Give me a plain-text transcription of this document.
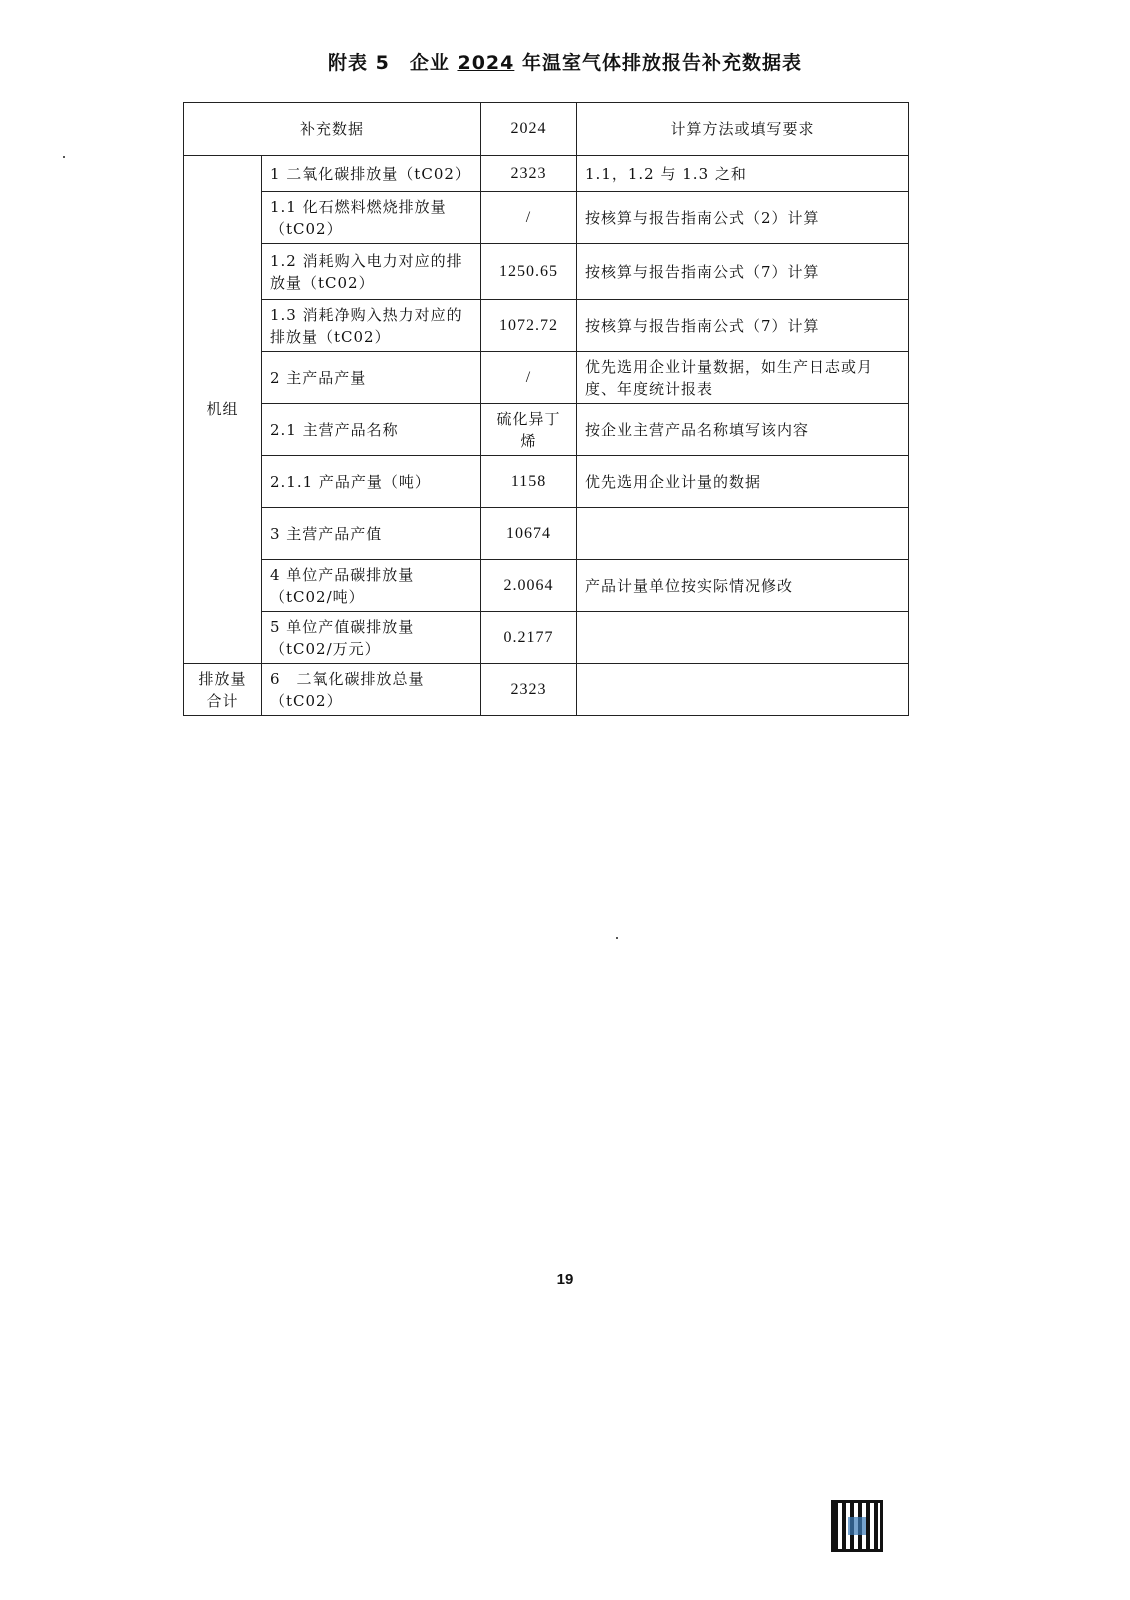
附表 5　企业 2024 年温室气体排放报告补充数据表
补充数据		2024	计算方法或填写要求
机组	1 二氧化碳排放量（tC02）	2323	1.1，1.2 与 1.3 之和
	1.1 化石燃料燃烧排放量（tC02）	/	按核算与报告指南公式（2）计算
	1.2 消耗购入电力对应的排放量（tC02）	1250.65	按核算与报告指南公式（7）计算
	1.3 消耗净购入热力对应的排放量（tC02）	1072.72	按核算与报告指南公式（7）计算
	2 主产品产量	/	优先选用企业计量数据，如生产日志或月度、年度统计报表
	2.1 主营产品名称	硫化异丁烯	按企业主营产品名称填写该内容
	2.1.1 产品产量（吨）	1158	优先选用企业计量的数据
	3 主营产品产值	10674	
	4 单位产品碳排放量（tC02/吨）	2.0064	产品计量单位按实际情况修改
	5 单位产值碳排放量（tC02/万元）	0.2177	
排放量合计	6　二氧化碳排放总量（tC02）	2323	
19
